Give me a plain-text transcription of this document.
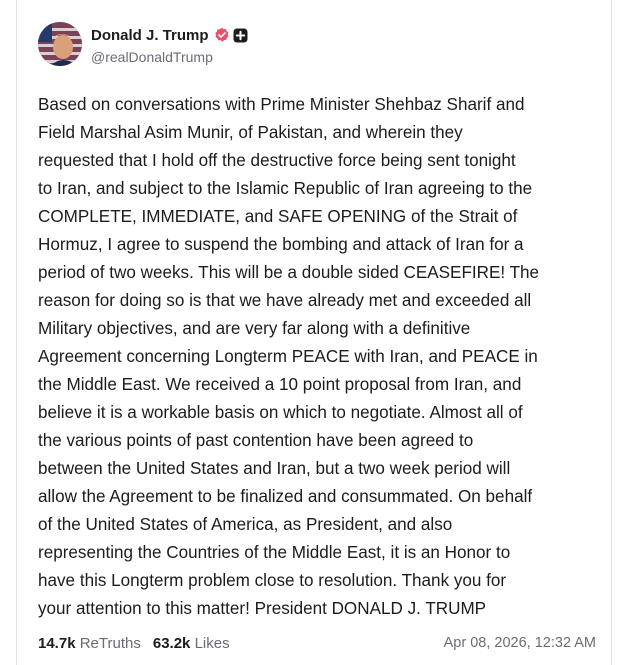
Donald J. Trump
@realDonaldTrump

Based on conversations with Prime Minister Shehbaz Sharif and
Field Marshal Asim Munir, of Pakistan, and wherein they
requested that I hold off the destructive force being sent tonight
to Iran, and subject to the Islamic Republic of Iran agreeing to the
COMPLETE, IMMEDIATE, and SAFE OPENING of the Strait of
Hormuz, I agree to suspend the bombing and attack of Iran for a
period of two weeks. This will be a double sided CEASEFIRE! The
reason for doing so is that we have already met and exceeded all
Military objectives, and are very far along with a definitive
Agreement concerning Longterm PEACE with Iran, and PEACE in
the Middle East. We received a 10 point proposal from Iran, and
believe it is a workable basis on which to negotiate. Almost all of
the various points of past contention have been agreed to
between the United States and Iran, but a two week period will
allow the Agreement to be finalized and consummated. On behalf
of the United States of America, as President, and also
representing the Countries of the Middle East, it is an Honor to
have this Longterm problem close to resolution. Thank you for
your attention to this matter! President DONALD J. TRUMP

14.7k ReTruths 63.2k Likes	Apr 08, 2026, 12:32 AM
